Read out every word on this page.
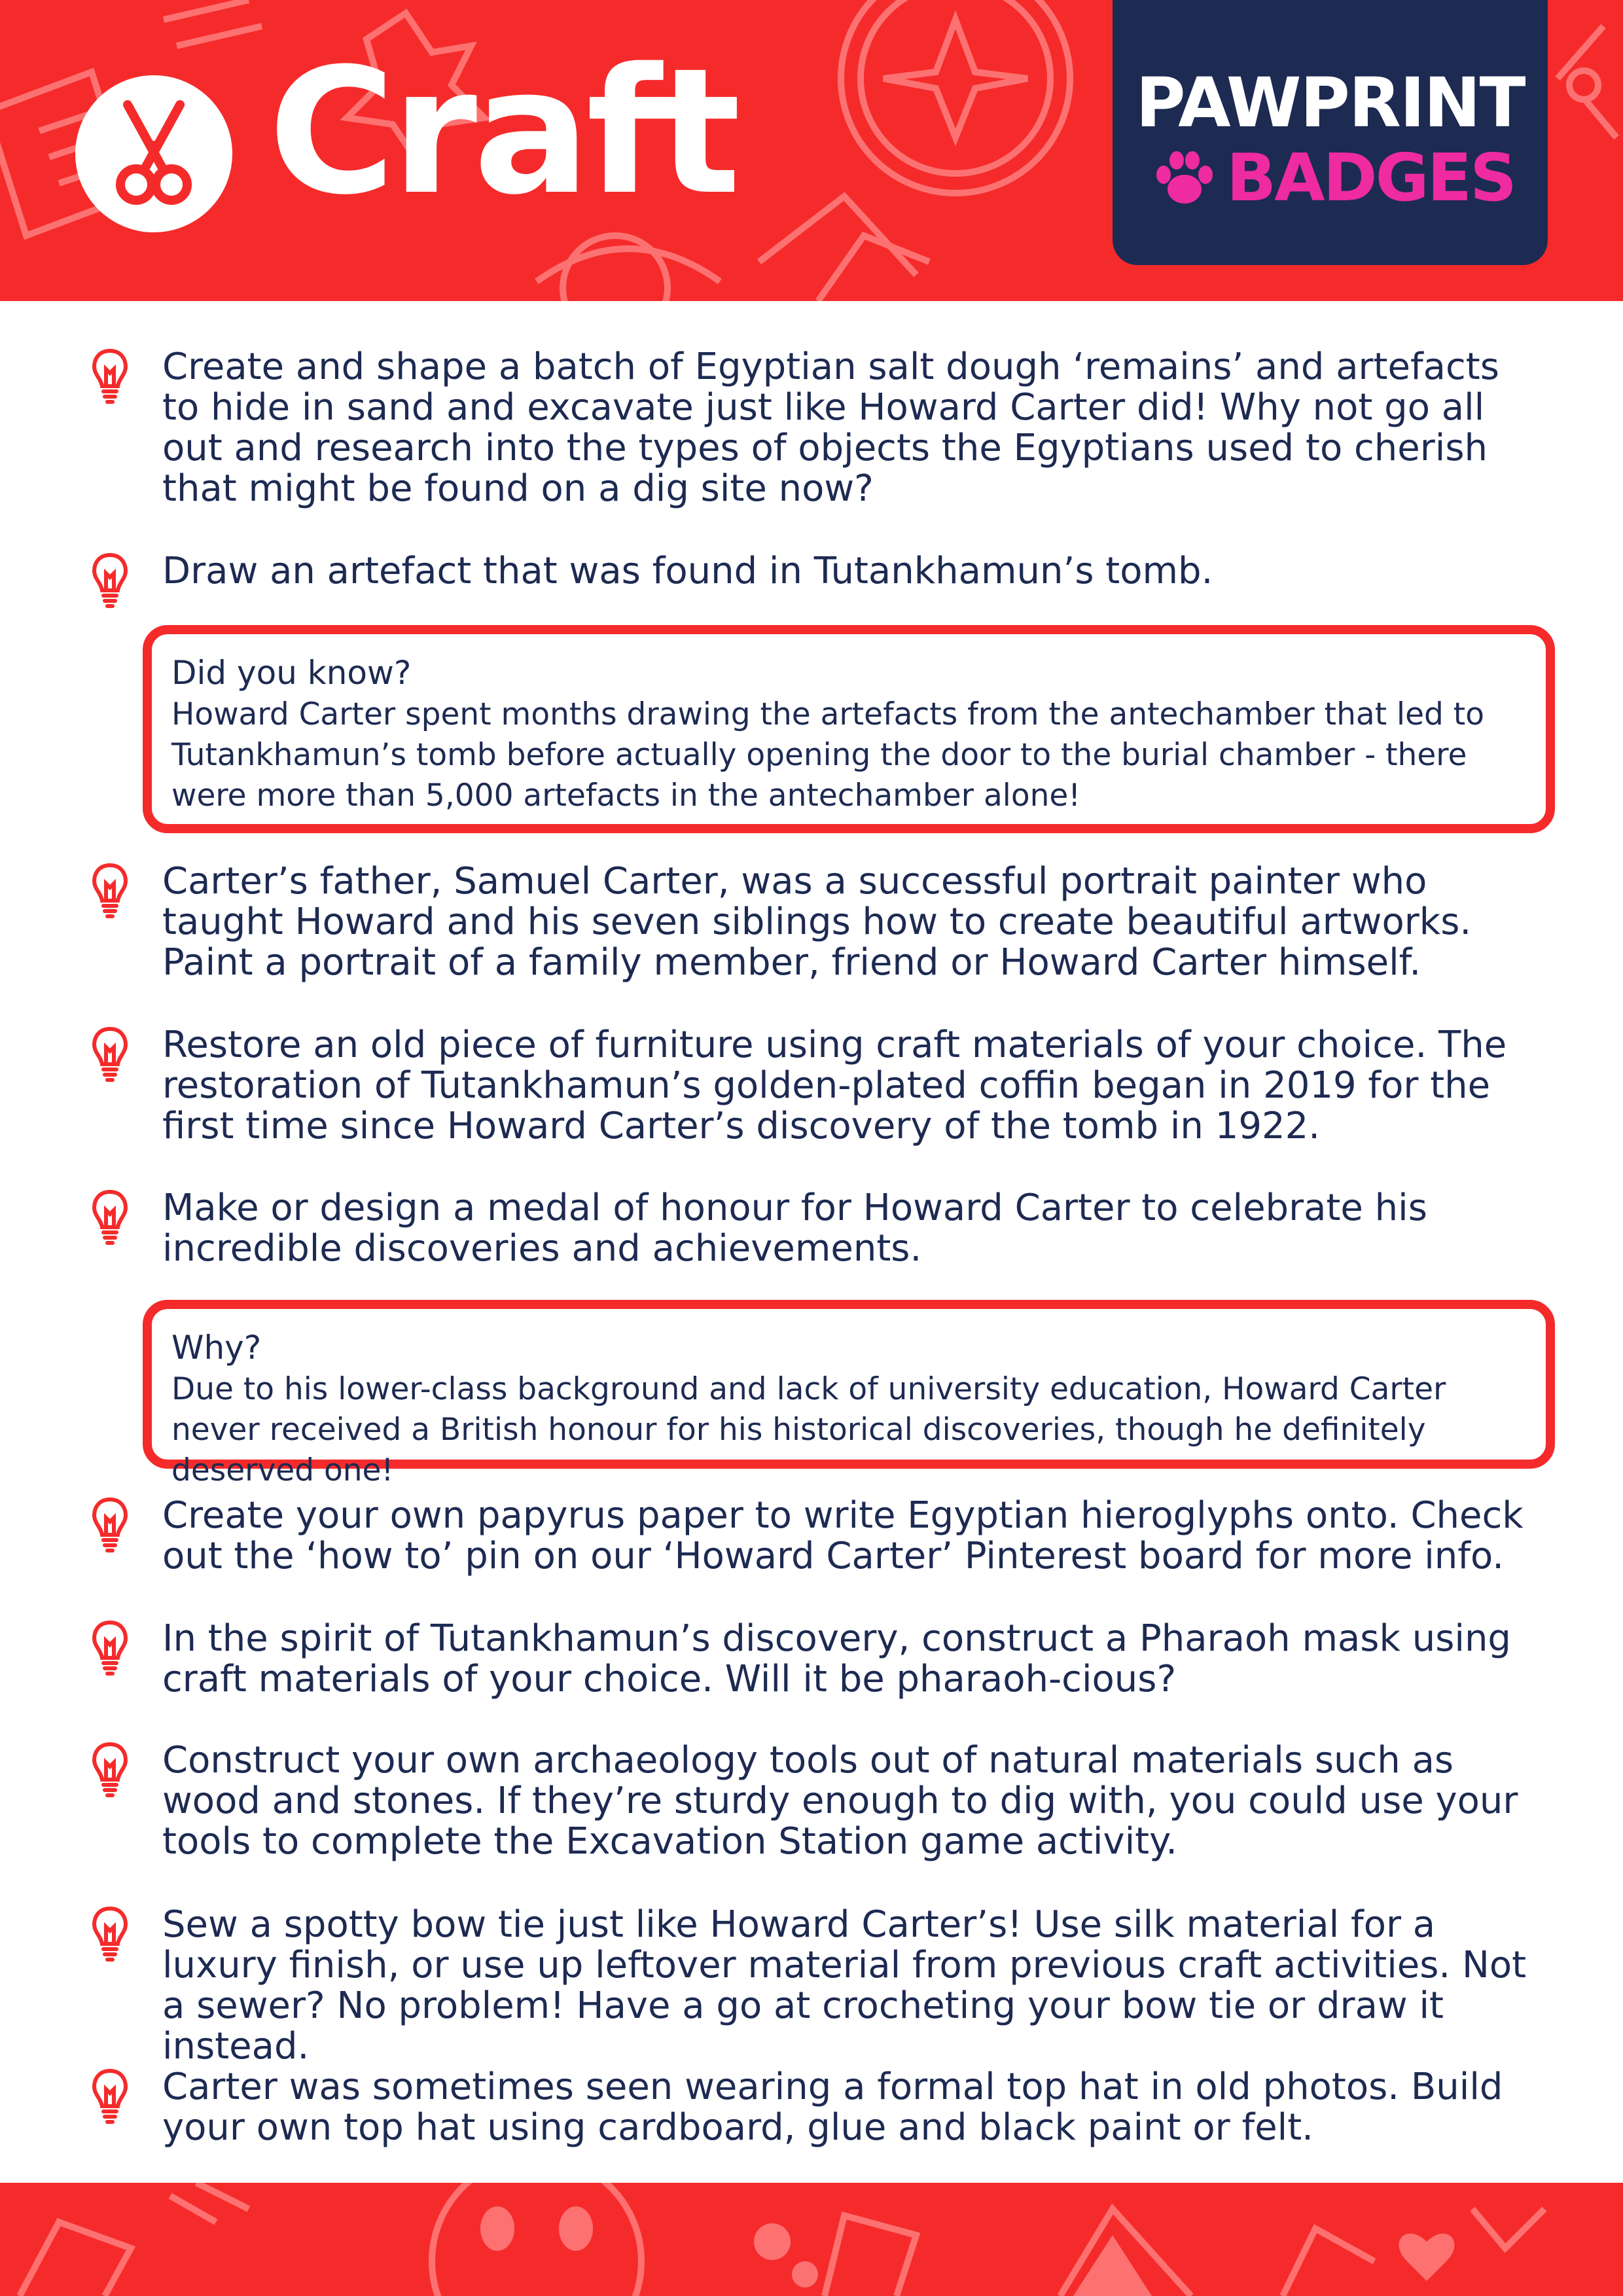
Craft	PAWPRINT
BADGES
Create and shape a batch of Egyptian salt dough ‘remains’ and artefacts to hide in sand and excavate just like Howard Carter did! Why not go all out and research into the types of objects the Egyptians used to cherish that might be found on a dig site now?
Draw an artefact that was found in Tutankhamun’s tomb.
Did you know?
Howard Carter spent months drawing the artefacts from the antechamber that led to Tutankhamun’s tomb before actually opening the door to the burial chamber - there were more than 5,000 artefacts in the antechamber alone!
Carter’s father, Samuel Carter, was a successful portrait painter who taught Howard and his seven siblings how to create beautiful artworks. Paint a portrait of a family member, friend or Howard Carter himself.
Restore an old piece of furniture using craft materials of your choice. The restoration of Tutankhamun’s golden-plated coffin began in 2019 for the first time since Howard Carter’s discovery of the tomb in 1922.
Make or design a medal of honour for Howard Carter to celebrate his incredible discoveries and achievements.
Why?
Due to his lower-class background and lack of university education, Howard Carter never received a British honour for his historical discoveries, though he definitely deserved one!
Create your own papyrus paper to write Egyptian hieroglyphs onto. Check out the ‘how to’ pin on our ‘Howard Carter’ Pinterest board for more info.
In the spirit of Tutankhamun’s discovery, construct a Pharaoh mask using craft materials of your choice. Will it be pharaoh-cious?
Construct your own archaeology tools out of natural materials such as wood and stones. If they’re sturdy enough to dig with, you could use your tools to complete the Excavation Station game activity.
Sew a spotty bow tie just like Howard Carter’s! Use silk material for a luxury finish, or use up leftover material from previous craft activities. Not a sewer? No problem! Have a go at crocheting your bow tie or draw it instead.
Carter was sometimes seen wearing a formal top hat in old photos. Build your own top hat using cardboard, glue and black paint or felt.
